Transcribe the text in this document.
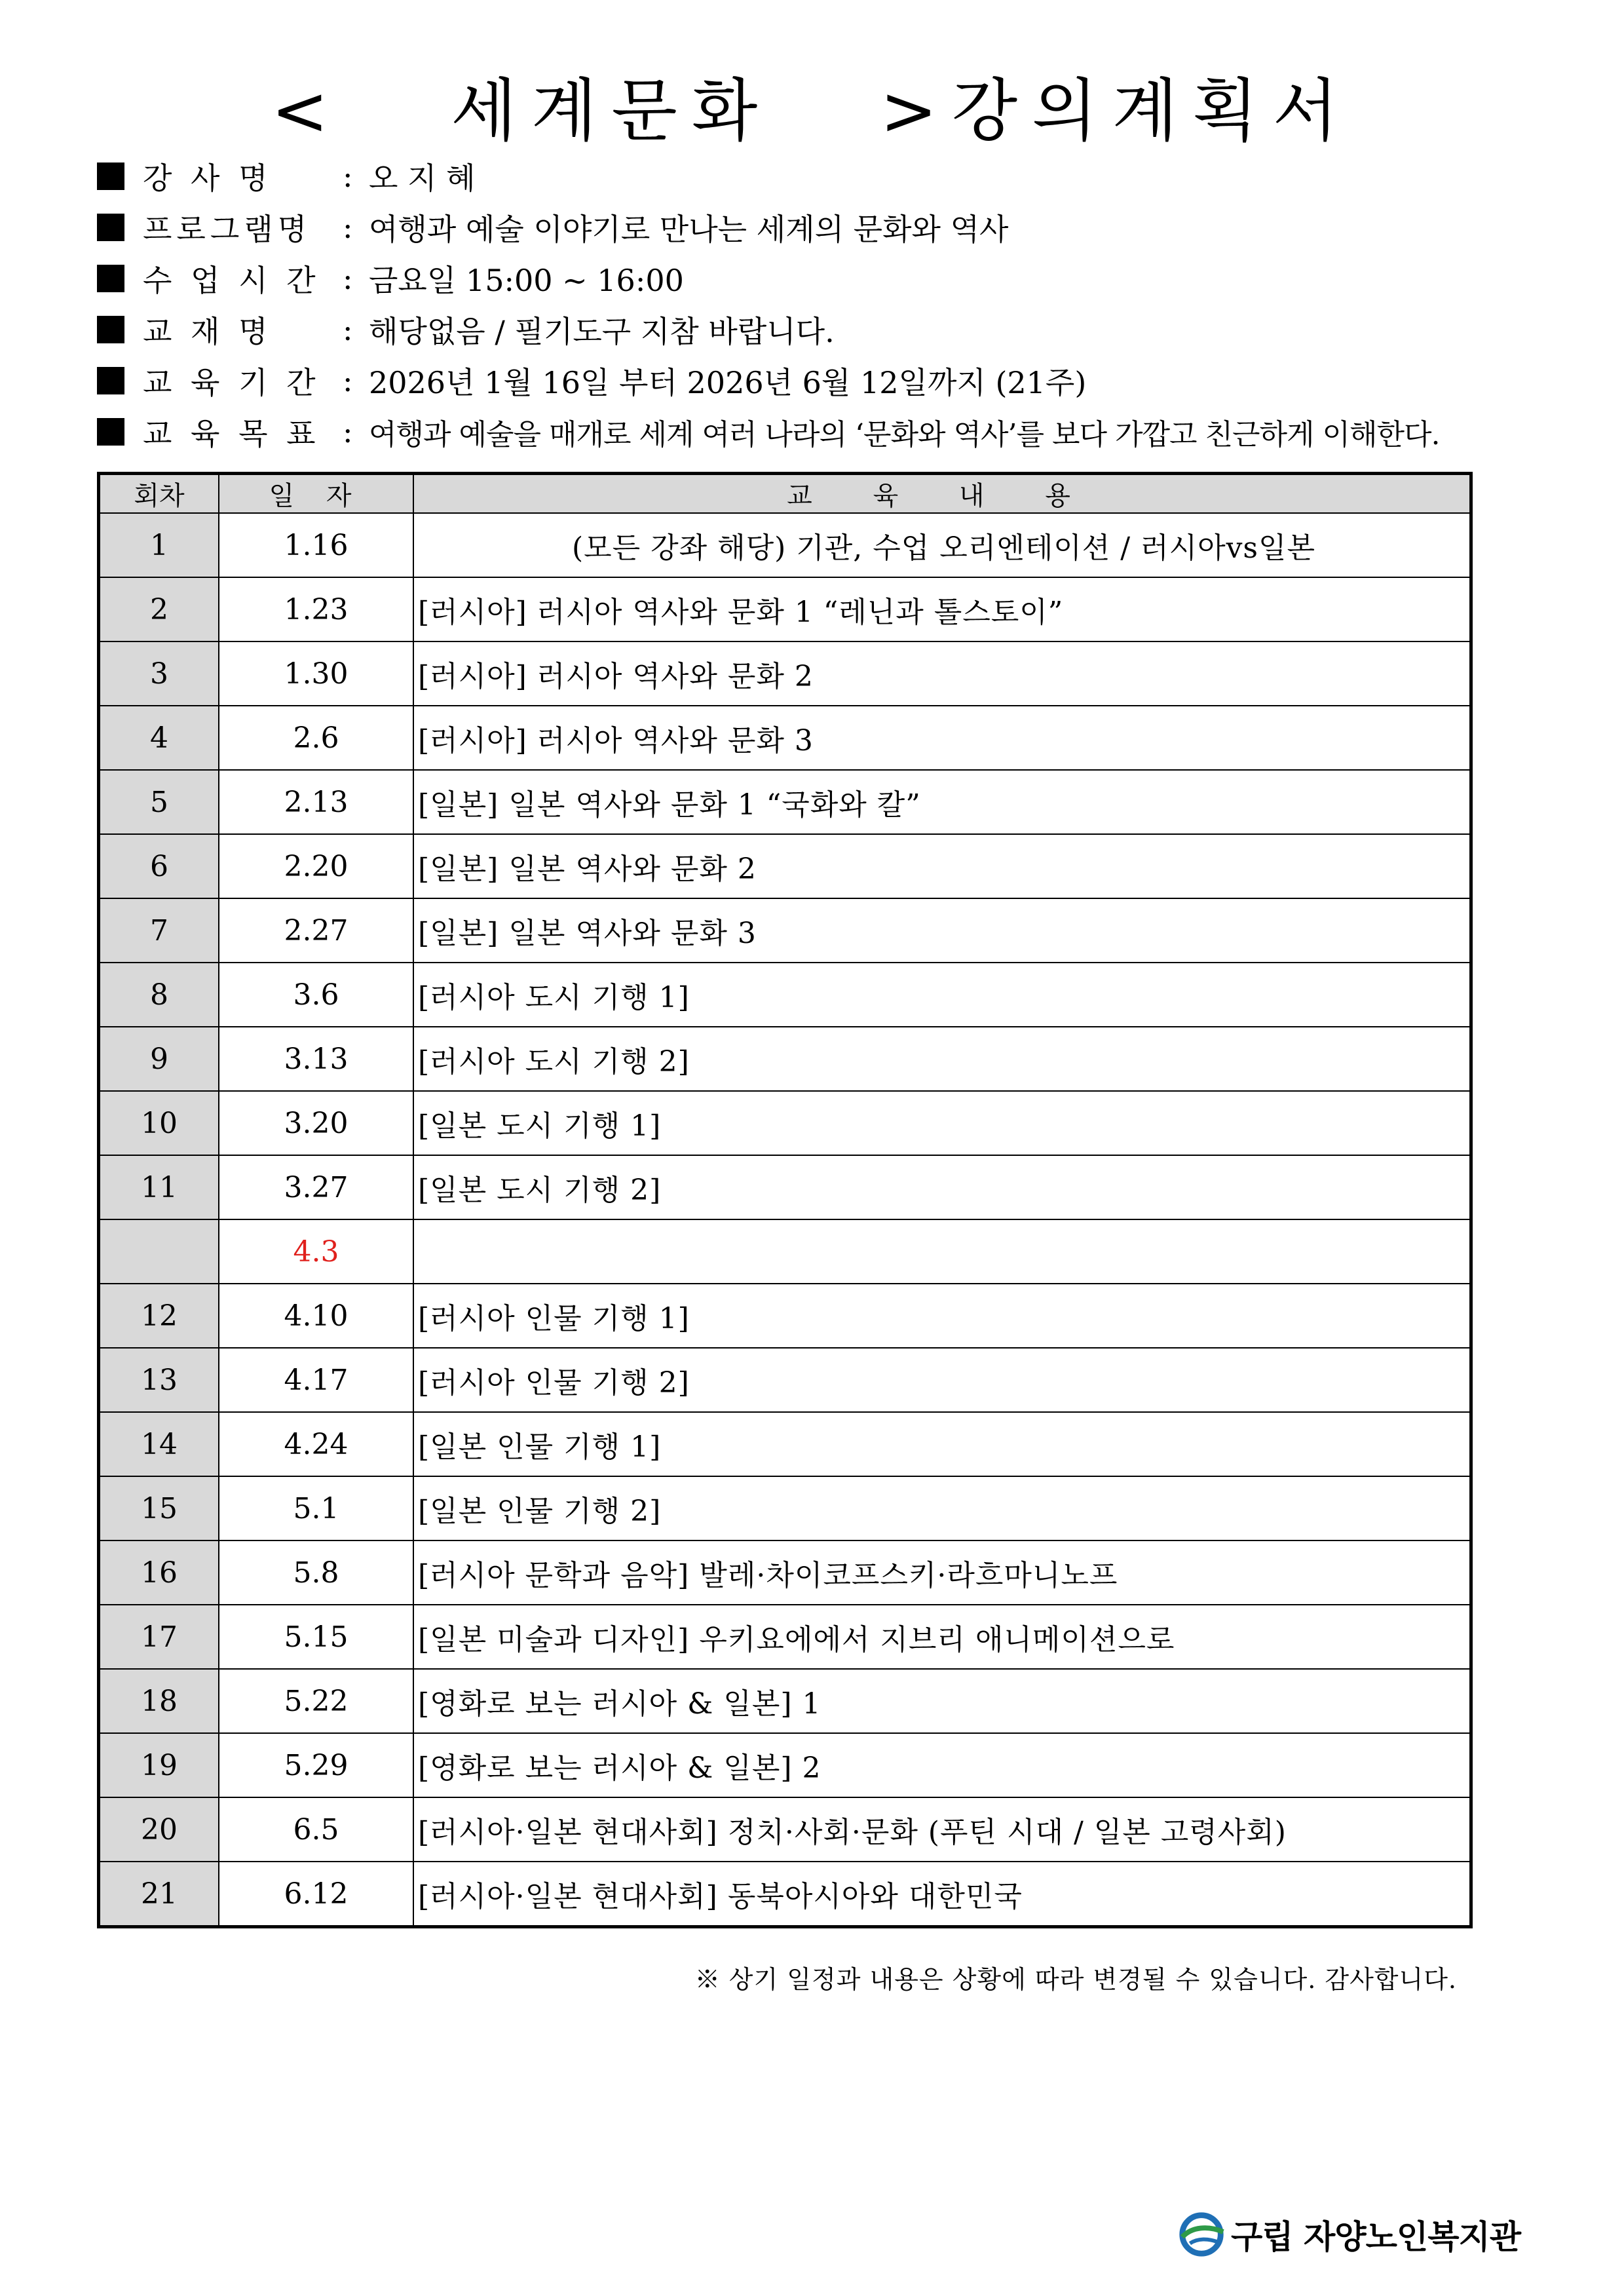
<   세계문화   >강의계획서
강 사 명	: 오 지 혜
프로그램명	: 여행과 예술 이야기로 만나는 세계의 문화와 역사
수 업 시 간 : 금요일 15:00 ~ 16:00
교 재 명	: 해당없음 / 필기도구 지참 바랍니다.
교 육 기 간 : 2026년 1월 16일 부터 2026년 6월 12일까지 (21주)
교 육 목 표 : 여행과 예술을 매개로 세계 여러 나라의 ‘문화와 역사’를 보다 가깝고 친근하게 이해한다.
회차	일 자	교 육 내 용
1	1.16	(모든 강좌 해당) 기관, 수업 오리엔테이션 / 러시아vs일본
2	1.23	[러시아] 러시아 역사와 문화 1 “레닌과 톨스토이”
3	1.30	[러시아] 러시아 역사와 문화 2
4	2.6	[러시아] 러시아 역사와 문화 3
5	2.13	[일본] 일본 역사와 문화 1 “국화와 칼”
6	2.20	[일본] 일본 역사와 문화 2
7	2.27	[일본] 일본 역사와 문화 3
8	3.6	[러시아 도시 기행 1]
9	3.13	[러시아 도시 기행 2]
10	3.20	[일본 도시 기행 1]
11	3.27	[일본 도시 기행 2]
	4.3	
12	4.10	[러시아 인물 기행 1]
13	4.17	[러시아 인물 기행 2]
14	4.24	[일본 인물 기행 1]
15	5.1	[일본 인물 기행 2]
16	5.8	[러시아 문학과 음악] 발레·차이코프스키·라흐마니노프
17	5.15	[일본 미술과 디자인] 우키요에에서 지브리 애니메이션으로
18	5.22	[영화로 보는 러시아 & 일본] 1
19	5.29	[영화로 보는 러시아 & 일본] 2
20	6.5	[러시아·일본 현대사회] 정치·사회·문화 (푸틴 시대 / 일본 고령사회)
21	6.12	[러시아·일본 현대사회] 동북아시아와 대한민국
※ 상기 일정과 내용은 상황에 따라 변경될 수 있습니다. 감사합니다.
구립 자양노인복지관
